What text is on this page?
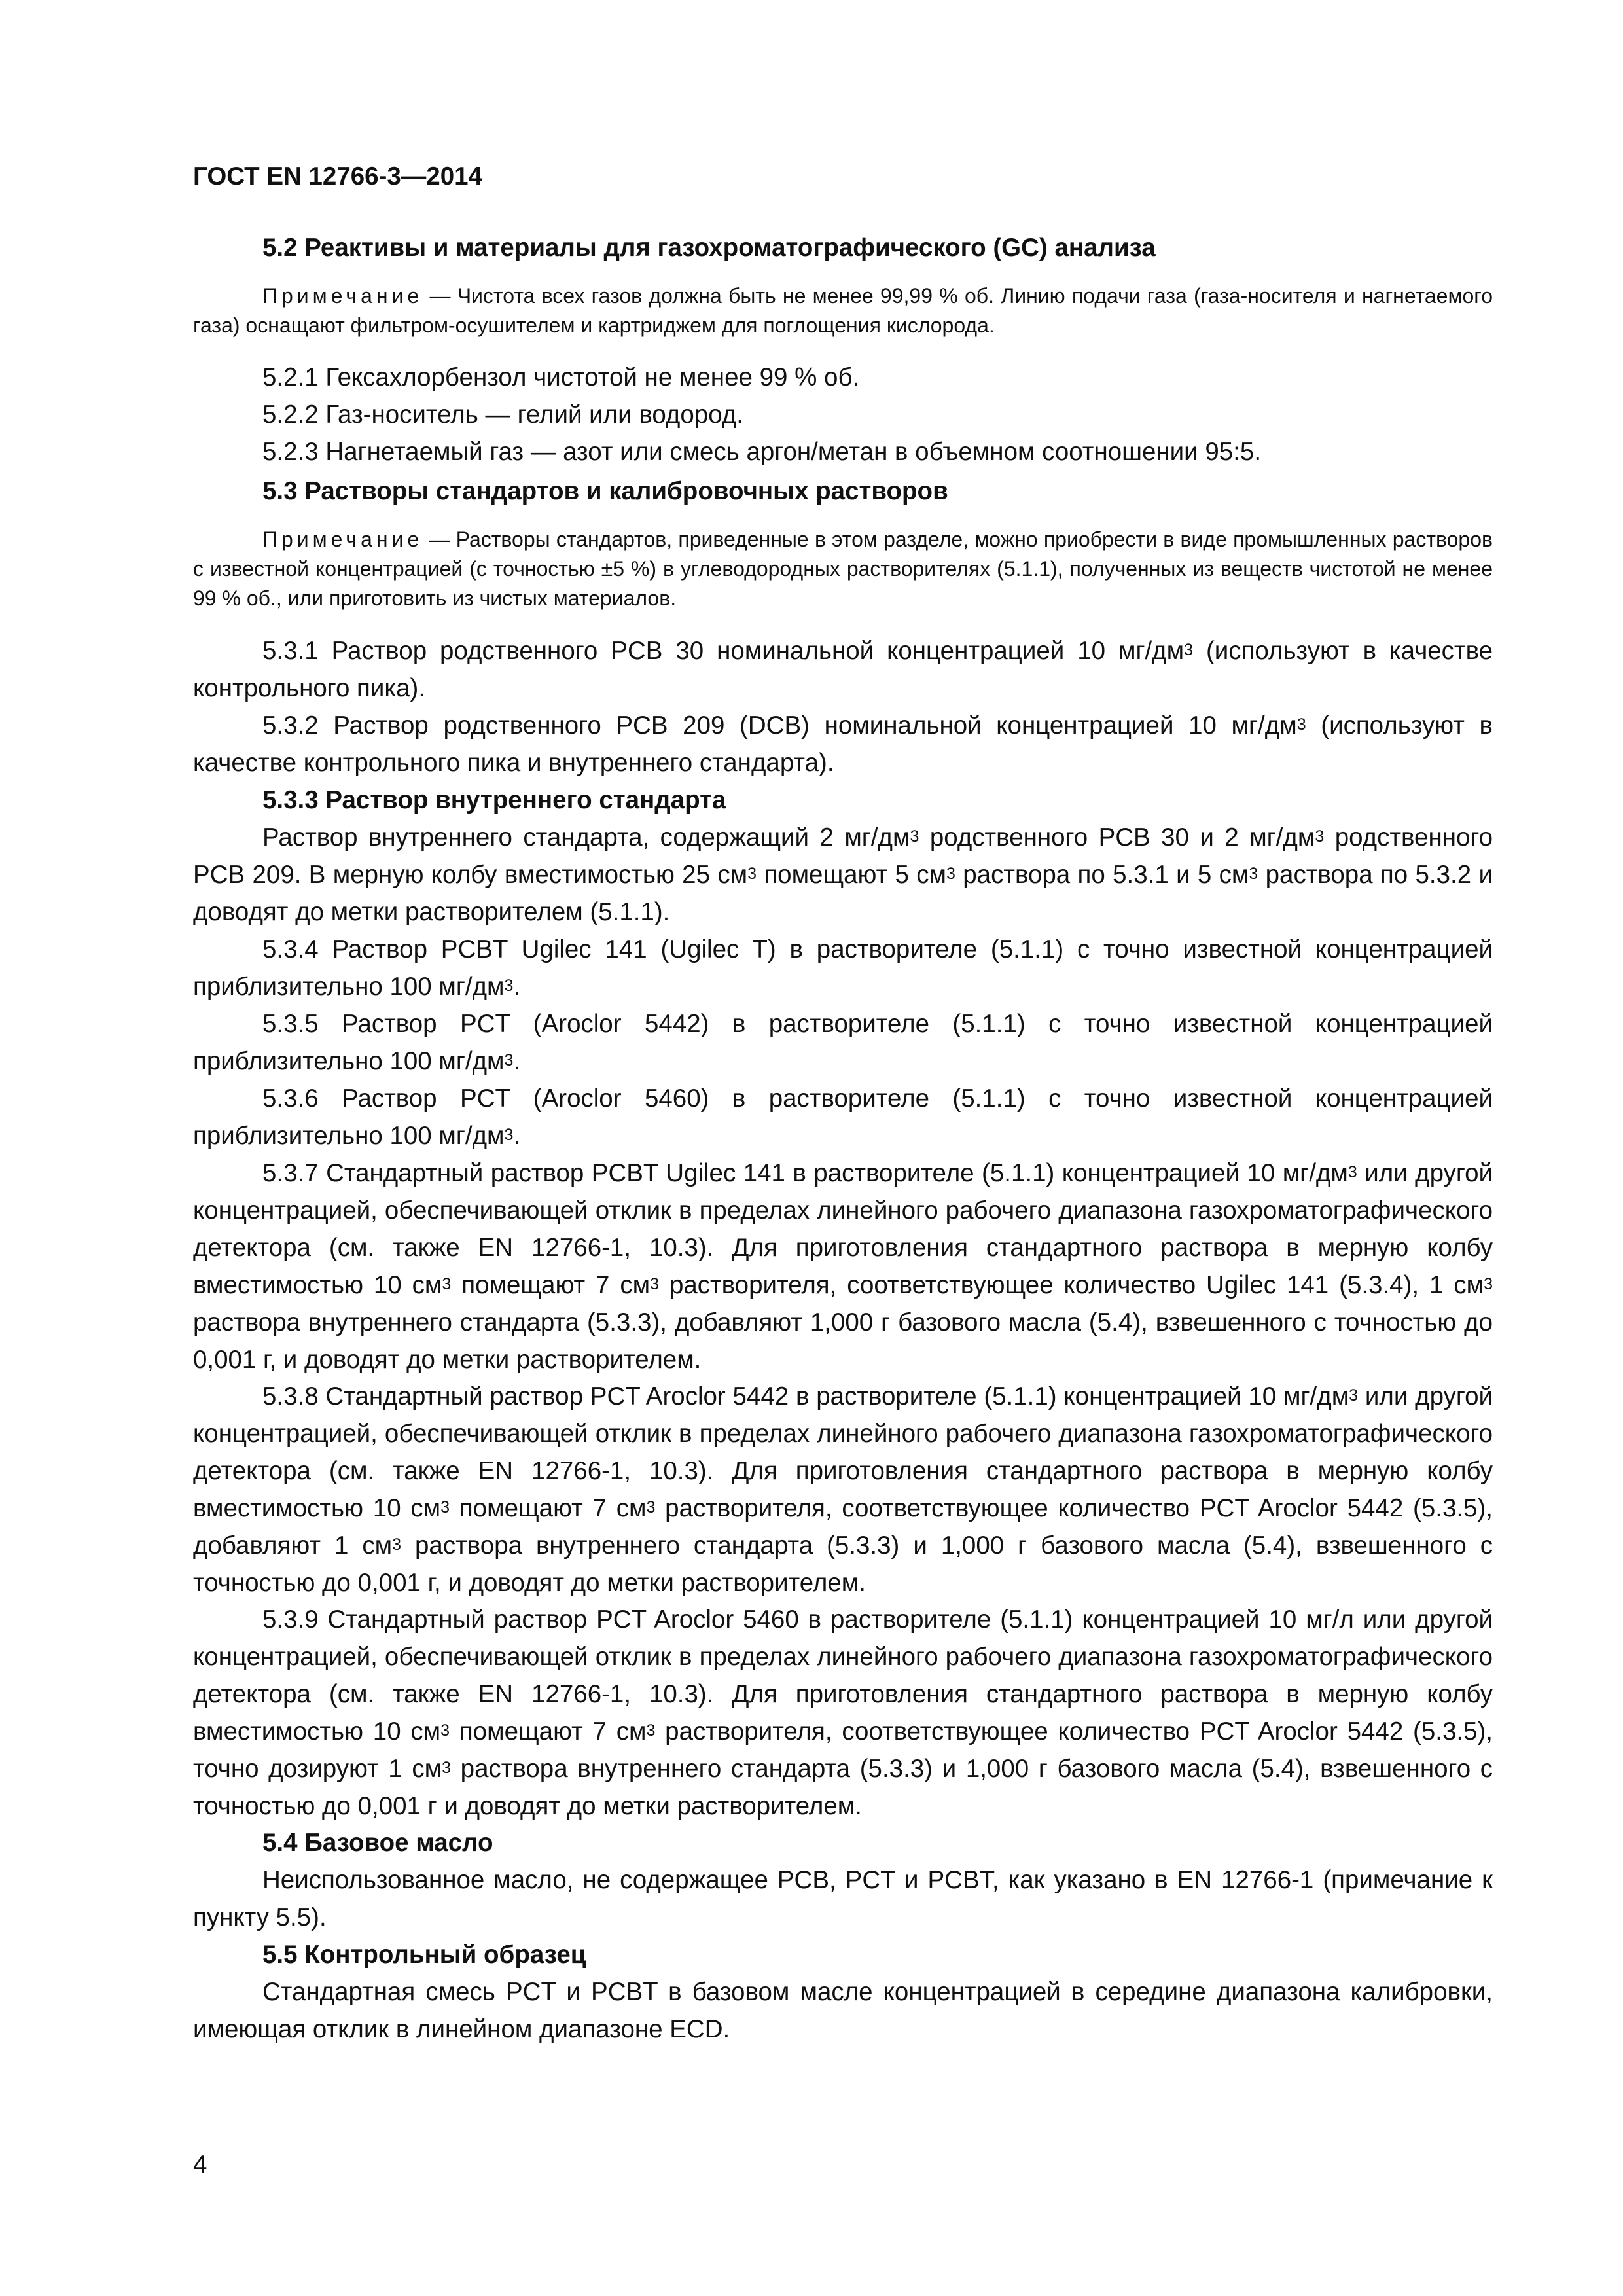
ГОСТ EN 12766-3—2014
5.2 Реактивы и материалы для газохроматографического (GC) анализа

Примечание — Чистота всех газов должна быть не менее 99,99 % об. Линию подачи газа (газа-носителя и нагнетаемого газа) оснащают фильтром-осушителем и картриджем для поглощения кислорода.

5.2.1 Гексахлорбензол чистотой не менее 99 % об.
5.2.2 Газ-носитель — гелий или водород.
5.2.3 Нагнетаемый газ — азот или смесь аргон/метан в объемном соотношении 95:5.
5.3 Растворы стандартов и калибровочных растворов

Примечание — Растворы стандартов, приведенные в этом разделе, можно приобрести в виде промышленных растворов с известной концентрацией (с точностью ±5 %) в углеводородных растворителях (5.1.1), полученных из веществ чистотой не менее 99 % об., или приготовить из чистых материалов.

5.3.1 Раствор родственного PCB 30 номинальной концентрацией 10 $мг/дм^3$ (используют в качестве контрольного пика).

5.3.2 Раствор родственного PCB 209 (DCB) номинальной концентрацией 10 $мг/дм^3$ (используют в качестве контрольного пика и внутреннего стандарта).

5.3.3 Раствор внутреннего стандарта

Раствор внутреннего стандарта, содержащий 2 $мг/дм^3$ родственного PCB 30 и 2 $мг/дм^3$ родственного PCB 209. В мерную колбу вместимостью 25 $см^3$ помещают 5 $см^3$ раствора по 5.3.1 и 5 $см^3$ раствора по 5.3.2 и доводят до метки растворителем (5.1.1).

5.3.4 Раствор PCBT Ugilec 141 (Ugilec T) в растворителе (5.1.1) с точно известной концентрацией приблизительно 100 $мг/дм^3$.

5.3.5 Раствор PCT (Aroclor 5442) в растворителе (5.1.1) с точно известной концентрацией приблизительно 100 $мг/дм^3$.

5.3.6 Раствор PCT (Aroclor 5460) в растворителе (5.1.1) с точно известной концентрацией приблизительно 100 $мг/дм^3$.

5.3.7 Стандартный раствор PCBT Ugilec 141 в растворителе (5.1.1) концентрацией 10 $мг/дм^3$ или другой концентрацией, обеспечивающей отклик в пределах линейного рабочего диапазона газохроматографического детектора (см. также EN 12766-1, 10.3). Для приготовления стандартного раствора в мерную колбу вместимостью 10 $см^3$ помещают 7 $см^3$ растворителя, соответствующее количество Ugilec 141 (5.3.4), 1 $см^3$ раствора внутреннего стандарта (5.3.3), добавляют 1,000 г базового масла (5.4), взвешенного с точностью до 0,001 г, и доводят до метки растворителем.

5.3.8 Стандартный раствор PCT Aroclor 5442 в растворителе (5.1.1) концентрацией 10 $мг/дм^3$ или другой концентрацией, обеспечивающей отклик в пределах линейного рабочего диапазона газохроматографического детектора (см. также EN 12766-1, 10.3). Для приготовления стандартного раствора в мерную колбу вместимостью 10 $см^3$ помещают 7 $см^3$ растворителя, соответствующее количество PCT Aroclor 5442 (5.3.5), добавляют 1 $см^3$ раствора внутреннего стандарта (5.3.3) и 1,000 г базового масла (5.4), взвешенного с точностью до 0,001 г, и доводят до метки растворителем.

5.3.9 Стандартный раствор PCT Aroclor 5460 в растворителе (5.1.1) концентрацией 10 мг/л или другой концентрацией, обеспечивающей отклик в пределах линейного рабочего диапазона газохроматографического детектора (см. также EN 12766-1, 10.3). Для приготовления стандартного раствора в мерную колбу вместимостью 10 $см^3$ помещают 7 $см^3$ растворителя, соответствующее количество PCT Aroclor 5442 (5.3.5), точно дозируют 1 $см^3$ раствора внутреннего стандарта (5.3.3) и 1,000 г базового масла (5.4), взвешенного с точностью до 0,001 г и доводят до метки растворителем.

5.4 Базовое масло

Неиспользованное масло, не содержащее PCB, PCT и PCBT, как указано в EN 12766-1 (примечание к пункту 5.5).

5.5 Контрольный образец

Стандартная смесь PCT и PCBT в базовом масле концентрацией в середине диапазона калибровки, имеющая отклик в линейном диапазоне ECD.

4
